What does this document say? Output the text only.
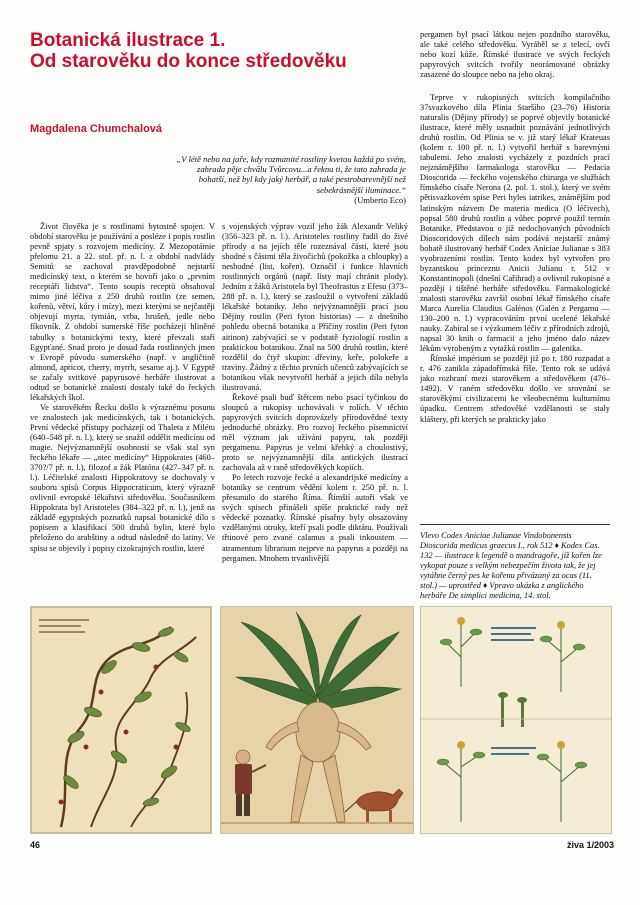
Botanická ilustrace 1.
Od starověku do konce středověku
Magdalena Chumchalová

„V létě nebo na jaře, kdy rozmanité rostliny kvetou každá po svém, zahrada pěje chvālu Tvůrcovu...a řeknu ti, že tato zahrada je bohatší, než byl kdy jaký herbář, a také pestrobarevnější než sebekrásnější iluminace.“

(Umberto Eco)

Život člověka je s rostlinami bytostně spojen. V období starověku je používání a posléze i popis rostlin pevně spjaty s rozvojem medicíny. Z Mezopotámie přelomu 21. a 22. stol. př. n. l. z období nadvlády Semitů se zachoval pravděpodobně nejstarší medicínský text, o kterém se hovoří jako o „prvním receptáři lidstva“. Tento soupis receptů obsahoval mimo jiné léčiva z 250 druhů rostlin (ze semen, kořenů, větví, kůry i mízy), mezi kterými se nejčastěji objevují myrta, tymián, vrba, hrušeň, jedle nebo fíkovník. Z období sumerské říše pocházejí hliněné tabulky s botanickými texty, které převzali staří Egypťané. Snad proto je dosud řada rostlinných jmen v Evropě původu sumerského (např. v angličtině almond, apricot, cherry, myrrh, sesame aj.). V Egyptě se začaly svitkové papyrusové herbáře ilustrovat a odtud se botanické znalosti dostaly také do řeckých lékařských škol.

Ve starověkém Řecku došlo k výraznému posunu ve znalostech jak medicínských, tak i botanických. První vědecké přístupy pocházejí od Thaleta z Milétu (640–548 př. n. l.), který se snažil oddělit medicínu od magie. Nejvýznamnější osobností se však stal syn řeckého lékaře — „otec medicíny“ Hippokrates (460–370?/7 př. n. l.), filozof a žák Platóna (427–347 př. n. l.). Léčitelské znalosti Hippokratovy se dochovaly v souboru spisů Corpus Hippocraticum, který výrazně ovlivnil evropské lékařství středověku. Současníkem Hippokrata byl Aristoteles (384–322 př. n. l.), jenž na základě egyptských poznatků napsal botanické dílo s popisem a klasifikací 500 druhů bylin, které bylo přeloženo do arabštiny a odtud následně do latiny. Ve spisu se objevily i popisy cizokrajných rostlin, které

s vojenských výprav vozil jeho žák Alexandr Veliký (356–323 př. n. l.). Aristoteles rostliny řadil do živé přírody a na jejích těle rozeznával části, které jsou shodné s částmi těla živočichů (pokožka a chloupky) a neshodné (list, kořen). Označil i funkce hlavních rostlinných orgánů (např. listy mají chránit plody). Jedním z žáků Aristotela byl Theofrastus z Efesu (373–288 př. n. l.), který se zasloužil o vytvoření základů lékařské botaniky. Jeho nejvýznamnější prací jsou Dějiny rostlin (Peri fyton historias) — z dnešního pohledu obecná botanika a Příčiny rostlin (Peri fyton aitinon) zabývající se v podstatě fyziologií rostlin a praktickou botanikou. Znal na 500 druhů rostlin, které rozdělil do čtyř skupin: dřeviny, keře, polokeře a traviny. Žádný z těchto prvních učenců zabývajících se botanikou však nevytvořil herbář a jejich díla nebyla ilustrovaná.

Řekové psali buď štětcem nebo psací tyčinkou do sloupců a rukopisy uchovávali v rolích. V těchto papyrových svitcích doprovázely přírodovědné texty jednoduché obrázky. Pro rozvoj řeckého písemnictví měl význam jak užívání papyru, tak později pergamenu. Papyrus je velmi křehký a choulostivý, proto se nejvýznamnější díla antických ilustrací zachovala až v raně středověkých kopiích.

Po letech rozvoje řecké a alexandrijské medicíny a botaniky se centrum vědění kolem r. 250 př. n. l. přesunulo do starého Říma. Římští autoři však ve svých spisech přinášeli spíše praktické rady než vědecké poznatky. Římské písařny byly obsazovány vzdělanými otroky, kteří psali podle diktátu. Používali třtinové pero zvané calamus a psali inkoustem — atramentum librarium nejprve na papyrus a později na pergamen. Mnohem trvanlivější

pergamen byl psací látkou nejen pozdního starověku, ale také celého středověku. Vyráběl se z telecí, ovčí nebo kozí kůže. Římské ilustrace ve svých řeckých papyrových svitcích tvořily neorámované obrázky zasazené do sloupce nebo na jeho okraj.

Teprve v rukopisných svitcích kompilačního 37svazkového díla Plinia Staršího (23–76) Historia naturalis (Dějiny přírody) se poprvé objevily botanické ilustrace, které měly usnadnit poznávání jednotlivých druhů rostlin. Od Plinia se v. již starý lékař Krateuas (kolem r. 100 př. n. l.) vytvořil herbář s barevnými tabulemi. Jeho znalosti vycházely z pozdních prací nejznámějšího farmakologa starověku — Pedacia Dioscorida — řeckého vojenského chirurga ve službách římského císaře Nerona (2. pol. 1. stol.), který ve svém pětisvazkovém spise Peri hyles iatrikes, známějším pod latinským názvem De materia medica (O léčivech), popsal 580 druhů rostlin a vůbec poprvé použil termín Botanike. Představou o již nedochovaných původních Dioscoridových dílech nám podává nejstarší známý bohatě ilustrovaný herbář Codex Aniciae Julianae s 383 vyobrazeními rostlin. Tento kodex byl vytvořen pro byzantskou princeznu Anicii Julianu r. 512 v Konstantinopoli (dnešní Cařihrad) a ovlivnil rukopisné a později i tištěné herbáře středověku. Farmakologické znalosti starověku završil osobní lékař římského císaře Marca Aurelia Claudius Galénos (Galén z Pergamu — 130–200 n. l.) vypracováním první ucelené lékařské nauky. Zabíral se i výzkumem léčiv z přírodních zdrojů, napsal 30 knih o farmacii a jeho jméno dalo název lékům vyrobeným z vytažků rostlin — galenika.

Římské impérium se později již po r. 180 rozpadat a r. 476 zanikla západořímská říše. Tento rok se udává jako rozhraní mezi starověkem a středověkem (476–1492). V raném středověku došlo ve srovnání se starověkými civilizacemi ke všeobecnému kulturnímu úpadku. Centrem středověké vzdělanosti se staly kláštery, při kterých se prakticky jako

Vlevo Codex Aniciae Julianae Vindobonensis Dioscorida medicus graecus I., rok 512 ♦ Kodex Cas. 132 — ilustrace k legendě o mandragoře, jíž kořen lze vykopat pouze s velkým nebezpečím života tak, že jej vytáhne černý pes ke kořenu přivázaný za ocas (11. stol.) — uprostřed ♦ Vpravo ukázka z anglického herbáře De simplici medicina, 14. stol.
46	živa 1/2003
